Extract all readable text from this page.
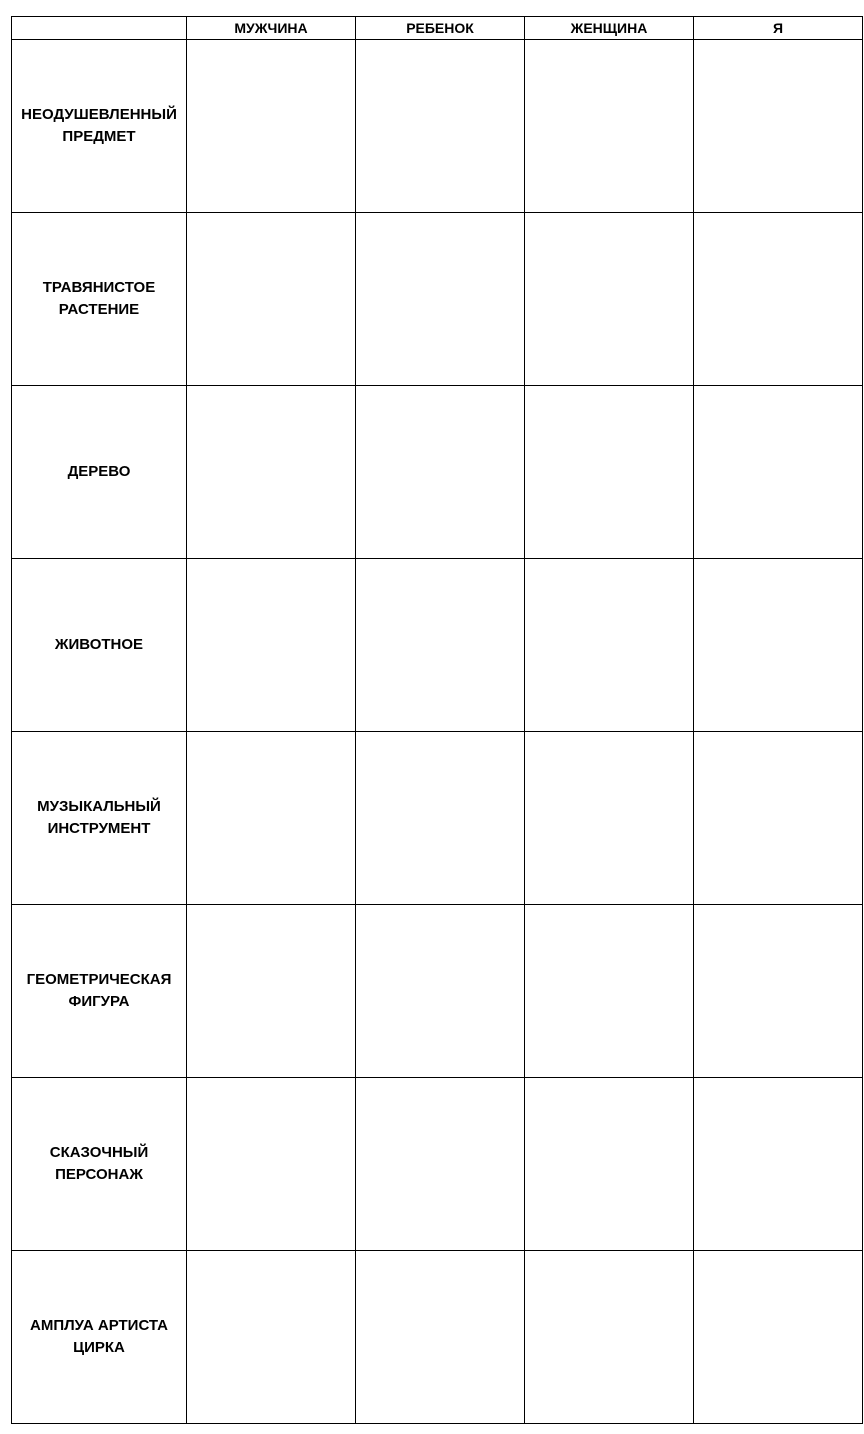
	МУЖЧИНА	РЕБЕНОК	ЖЕНЩИНА	Я

НЕОДУШЕВЛЕННЫЙ
ПРЕДМЕТ				

ТРАВЯНИСТОЕ
РАСТЕНИЕ				

ДЕРЕВО				

ЖИВОТНОЕ				

МУЗЫКАЛЬНЫЙ
ИНСТРУМЕНТ				

ГЕОМЕТРИЧЕСКАЯ
ФИГУРА				

СКАЗОЧНЫЙ
ПЕРСОНАЖ				

АМПЛУА АРТИСТА
ЦИРКА				
